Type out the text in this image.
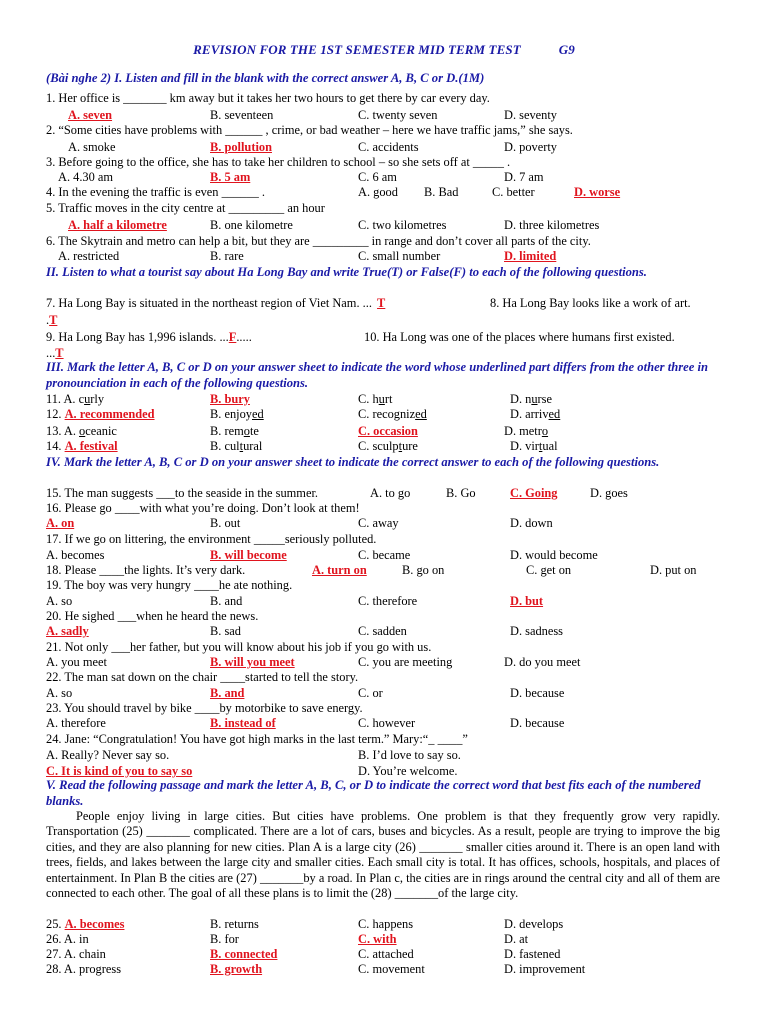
REVISION FOR THE 1ST SEMESTER MID TERM TEST	G9
(Bài nghe 2) I. Listen and fill in the blank with the correct answer A, B, C or D.(1M)
1. Her office is _______ km away but it takes her two hours to get there by car every day.
A. seven	B. seventeen	C. twenty seven	D. seventy
2. “Some cities have problems with ______ , crime, or bad weather – here we have traffic jams,” she says.
A. smoke	B. pollution	C. accidents	D. poverty
3. Before going to the office, she has to take her children to school – so she sets off at _____ .
A. 4.30 am	B. 5 am	C. 6 am	D. 7 am
4. In the evening the traffic is even ______ .	A. good B. Bad	C. better	D. worse
5. Traffic moves in the city centre at _________ an hour
A. half a kilometre	B. one kilometre	C. two kilometres	D. three kilometres
6. The Skytrain and metro can help a bit, but they are _________ in range and don’t cover all parts of the city.
A. restricted	B. rare	C. small number	D. limited
II. Listen to what a tourist say about Ha Long Bay and write True(T) or False(F) to each of the following questions.
7. Ha Long Bay is situated in the northeast region of Viet Nam. ... T	8. Ha Long Bay looks like a work of art.
.T
9. Ha Long Bay has 1,996 islands. ...F.....	10. Ha Long was one of the places where humans first existed.
...T
III. Mark the letter A, B, C or D on your answer sheet to indicate the word whose underlined part differs from the other three in pronounciation in each of the following questions.
11. A. curly	B. bury	C. hurt	D. nurse
12. A. recommended	B. enjoyed	C. recognized	D. arrived
13. A. oceanic	B. remote	C. occasion	D. metro
14. A. festival	B. cultural	C. sculpture	D. virtual
IV. Mark the letter A, B, C or D on your answer sheet to indicate the correct answer to each of the following questions.
15. The man suggests ___to the seaside in the summer.	A. to go	B. Go	C. Going	D. goes
16. Please go ____with what you’re doing. Don’t look at them!
A. on	B. out	C. away	D. down
17. If we go on littering, the environment _____seriously polluted.
A. becomes	B. will become	C. became	D. would become
18. Please ____the lights. It’s very dark.	A. turn on	B. go on	C. get on	D. put on
19. The boy was very hungry ____he ate nothing.
A. so	B. and	C. therefore	D. but
20. He sighed ___when he heard the news.
A. sadly	B. sad	C. sadden	D. sadness
21. Not only ___her father, but you will know about his job if you go with us.
A. you meet	B. will you meet	C. you are meeting	D. do you meet
22. The man sat down on the chair ____started to tell the story.
A. so	B. and	C. or	D. because
23. You should travel by bike ____by motorbike to save energy.
A. therefore	B. instead of	C. however	D. because
24. Jane: “Congratulation! You have got high marks in the last term.” Mary:“_ ____”
A. Really? Never say so.	B. I’d love to say so.
C. It is kind of you to say so	D. You’re welcome.
V. Read the following passage and mark the letter A, B, C, or D to indicate the correct word that best fits each of the numbered blanks.
People enjoy living in large cities. But cities have problems. One problem is that they frequently grow very rapidly. Transportation (25) _______ complicated. There are a lot of cars, buses and bicycles. As a result, people are trying to improve the big cities, and they are also planning for new cities. Plan A is a large city (26) _______ smaller cities around it. There is an open land with trees, fields, and lakes between the large city and smaller cities. Each small city is total. It has offices, schools, hospitals, and places of entertainment. In Plan B the cities are (27) _______by a road. In Plan c, the cities are in rings around the central city and all of them are connected to each other. The goal of all these plans is to limit the (28) _______of the large city.
25. A. becomes	B. returns	C. happens	D. develops
26. A. in	B. for	C. with	D. at
27. A. chain	B. connected	C. attached	D. fastened
28. A. progress	B. growth	C. movement	D. improvement
